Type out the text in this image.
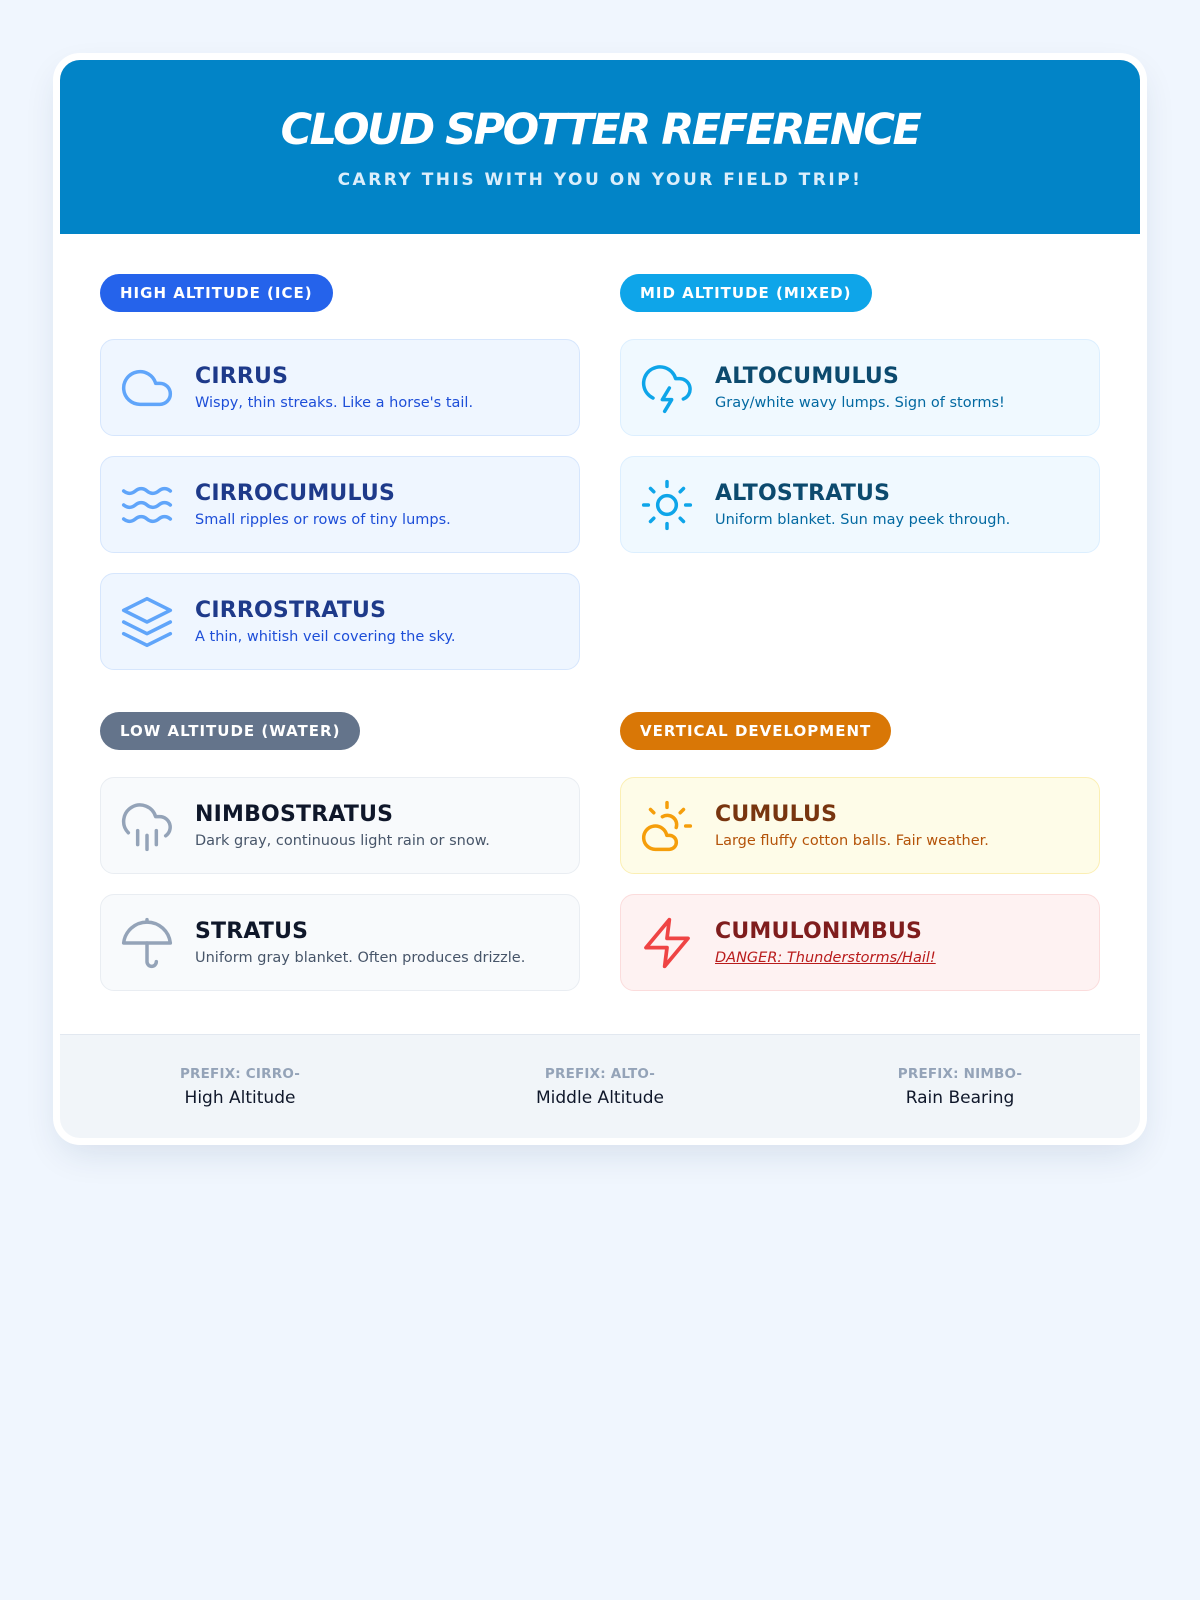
CLOUD SPOTTER REFERENCE
CARRY THIS WITH YOU ON YOUR FIELD TRIP!
HIGH ALTITUDE (ICE)
CIRRUS
Wispy, thin streaks. Like a horse's tail.
CIRROCUMULUS
Small ripples or rows of tiny lumps.
CIRROSTRATUS
A thin, whitish veil covering the sky.
MID ALTITUDE (MIXED)
ALTOCUMULUS
Gray/white wavy lumps. Sign of storms!
ALTOSTRATUS
Uniform blanket. Sun may peek through.
LOW ALTITUDE (WATER)
NIMBOSTRATUS
Dark gray, continuous light rain or snow.
STRATUS
Uniform gray blanket. Often produces drizzle.
VERTICAL DEVELOPMENT
CUMULUS
Large fluffy cotton balls. Fair weather.
CUMULONIMBUS
DANGER: Thunderstorms/Hail!
PREFIX: CIRRO-
High Altitude
PREFIX: ALTO-
Middle Altitude
PREFIX: NIMBO-
Rain Bearing
